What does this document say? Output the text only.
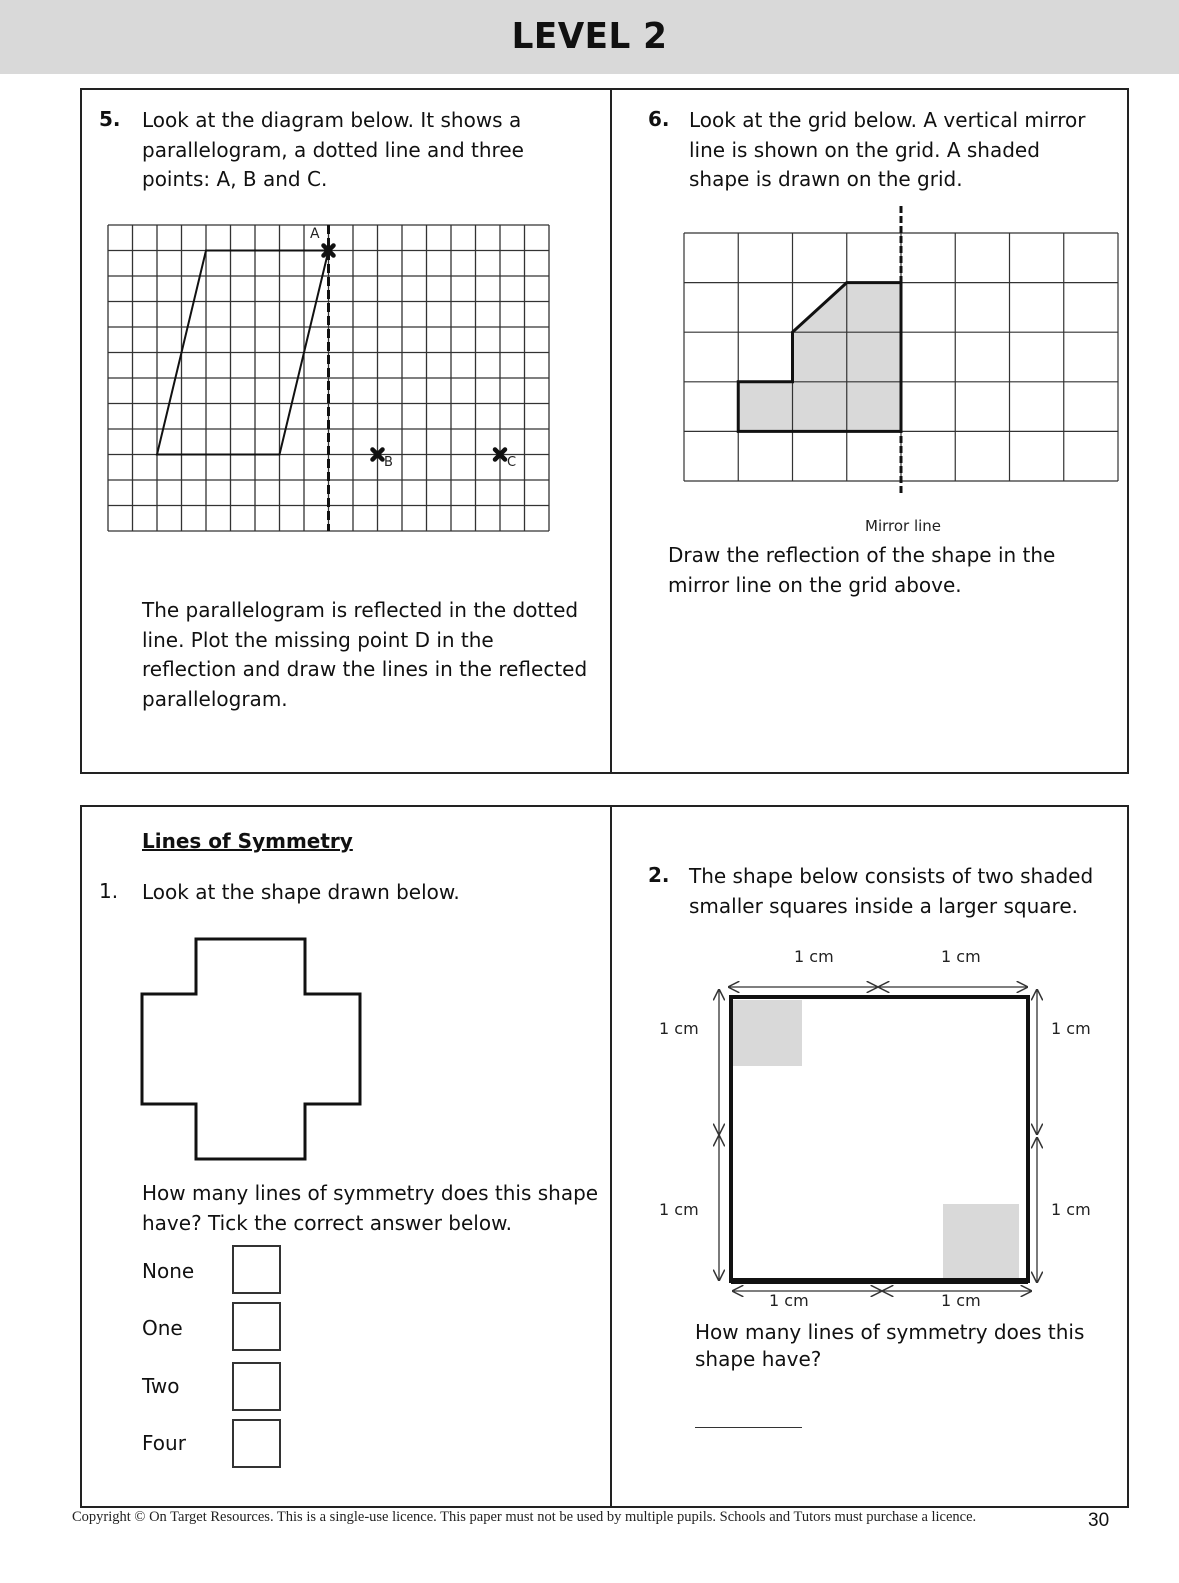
LEVEL 2
5. Look at the diagram below. It shows a
parallelogram, a dotted line and three
points: A, B and C.
A
B	C
The parallelogram is reflected in the dotted
line. Plot the missing point D in the
reflection and draw the lines in the reflected
parallelogram.
6. Look at the grid below. A vertical mirror
line is shown on the grid. A shaded
shape is drawn on the grid.
Mirror line
Draw the reflection of the shape in the
mirror line on the grid above.
Lines of Symmetry
1. Look at the shape drawn below.
How many lines of symmetry does this shape
have? Tick the correct answer below.
None
One
Two
Four
2. The shape below consists of two shaded
smaller squares inside a larger square.
1 cm	1 cm
1 cm
1 cm
1 cm
1 cm
1 cm	1 cm
How many lines of symmetry does this
shape have?
Copyright © On Target Resources. This is a single-use licence. This paper must not be used by multiple pupils. Schools and Tutors must purchase a licence.	30
